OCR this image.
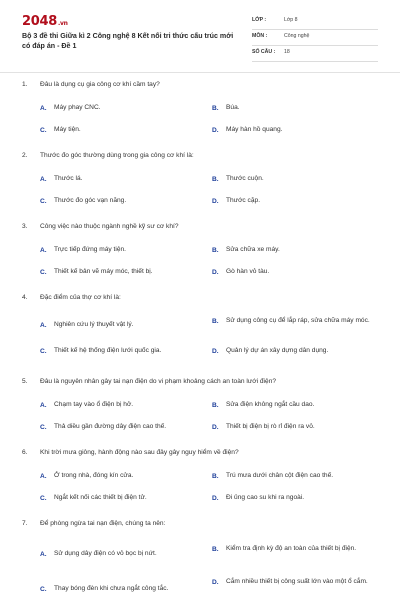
2048.vn
Bộ 3 đề thi Giữa kì 2 Công nghệ 8 Kết nối tri thức cấu trúc mới có đáp án - Đề 1
LỚP :	Lớp 8
MÔN :	Công nghệ
SỐ CÂU : 18
1. Đâu là dụng cụ gia công cơ khí cầm tay?
A.	Máy phay CNC.	B.	Búa.
C.	Máy tiện.	D.	Máy hàn hồ quang.
2. Thước đo góc thường dùng trong gia công cơ khí là:
A.	Thước lá.	B.	Thước cuộn.
C.	Thước đo góc vạn năng.	D.	Thước cặp.
3. Công việc nào thuộc ngành nghề kỹ sư cơ khí?
A.	Trực tiếp đứng máy tiện.	B.	Sửa chữa xe máy.
C.	Thiết kế bản vẽ máy móc, thiết bị.	D.	Gò hàn vỏ tàu.
4. Đặc điểm của thợ cơ khí là:
A.	Nghiên cứu lý thuyết vật lý.	B.	Sử dụng công cụ để lắp ráp, sửa chữa máy móc.
C.	Thiết kế hệ thống điện lưới quốc gia.	D.	Quản lý dự án xây dựng dân dụng.
5. Đâu là nguyên nhân gây tai nạn điện do vi phạm khoảng cách an toàn lưới điện?
A.	Chạm tay vào ổ điện bị hở.	B.	Sửa điện không ngắt cầu dao.
C.	Thả diều gần đường dây điện cao thế.	D.	Thiết bị điện bị rò rỉ điện ra vỏ.
6. Khi trời mưa giông, hành động nào sau đây gây nguy hiểm về điện?
A.	Ở trong nhà, đóng kín cửa.	B.	Trú mưa dưới chân cột điện cao thế.
C.	Ngắt kết nối các thiết bị điện tử.	D.	Đi ủng cao su khi ra ngoài.
7. Để phòng ngừa tai nạn điện, chúng ta nên:
A.	Sử dụng dây điện có vỏ bọc bị nứt.
B.	Kiểm tra định kỳ độ an toàn của thiết bị điện.
C.	Thay bóng đèn khi chưa ngắt công tắc.
D.	Cắm nhiều thiết bị công suất lớn vào một ổ cắm.
